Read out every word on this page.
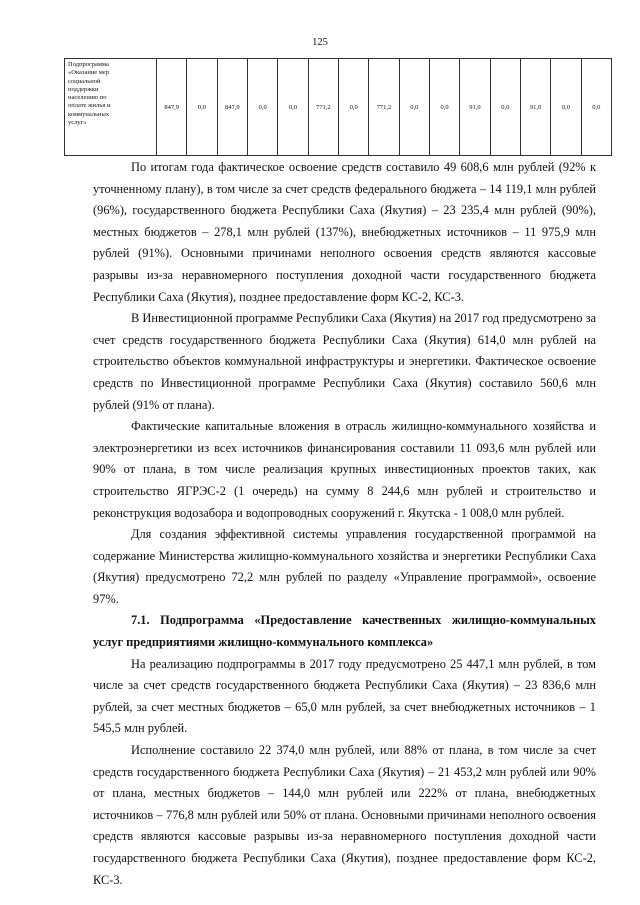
125
Подпрограмма
«Оказание мер
социальной
поддержки
населению по
оплате жилья и
коммунальных
услуг»
	847,9	0,0	847,9	0,0	0,0	771,2	0,0	771,2	0,0	0,0	91,0	0,0	91,0	0,0	0,0

По итогам года фактическое освоение средств составило 49 608,6 млн рублей (92% к уточненному плану), в том числе за счет средств федерального бюджета – 14 119,1 млн рублей (96%), государственного бюджета Республики Саха (Якутия) – 23 235,4 млн рублей (90%), местных бюджетов – 278,1 млн рублей (137%), внебюджетных источников – 11 975,9 млн рублей (91%). Основными причинами неполного освоения средств являются кассовые разрывы из-за неравномерного поступления доходной части государственного бюджета Республики Саха (Якутия), позднее предоставление форм КС-2, КС-3.

В Инвестиционной программе Республики Саха (Якутия) на 2017 год предусмотрено за счет средств государственного бюджета Республики Саха (Якутия) 614,0 млн рублей на строительство объектов коммунальной инфраструктуры и энергетики. Фактическое освоение средств по Инвестиционной программе Республики Саха (Якутия) составило 560,6 млн рублей (91% от плана).

Фактические капитальные вложения в отрасль жилищно-коммунального хозяйства и электроэнергетики из всех источников финансирования составили 11 093,6 млн рублей или 90% от плана, в том числе реализация крупных инвестиционных проектов таких, как строительство ЯГРЭС-2 (1 очередь) на сумму 8 244,6 млн рублей и строительство и реконструкция водозабора и водопроводных сооружений г. Якутска - 1 008,0 млн рублей.

Для создания эффективной системы управления государственной программой на содержание Министерства жилищно-коммунального хозяйства и энергетики Республики Саха (Якутия) предусмотрено 72,2 млн рублей по разделу «Управление программой», освоение 97%.

7.1. Подпрограмма «Предоставление качественных жилищно-коммунальных услуг предприятиями жилищно-коммунального комплекса»

На реализацию подпрограммы в 2017 году предусмотрено 25 447,1 млн рублей, в том числе за счет средств государственного бюджета Республики Саха (Якутия) – 23 836,6 млн рублей, за счет местных бюджетов – 65,0 млн рублей, за счет внебюджетных источников – 1 545,5 млн рублей.

Исполнение составило 22 374,0 млн рублей, или 88% от плана, в том числе за счет средств государственного бюджета Республики Саха (Якутия) – 21 453,2 млн рублей или 90% от плана, местных бюджетов – 144,0 млн рублей или 222% от плана, внебюджетных источников – 776,8 млн рублей или 50% от плана. Основными причинами неполного освоения средств являются кассовые разрывы из-за неравномерного поступления доходной части государственного бюджета Республики Саха (Якутия), позднее предоставление форм КС-2, КС-3.
